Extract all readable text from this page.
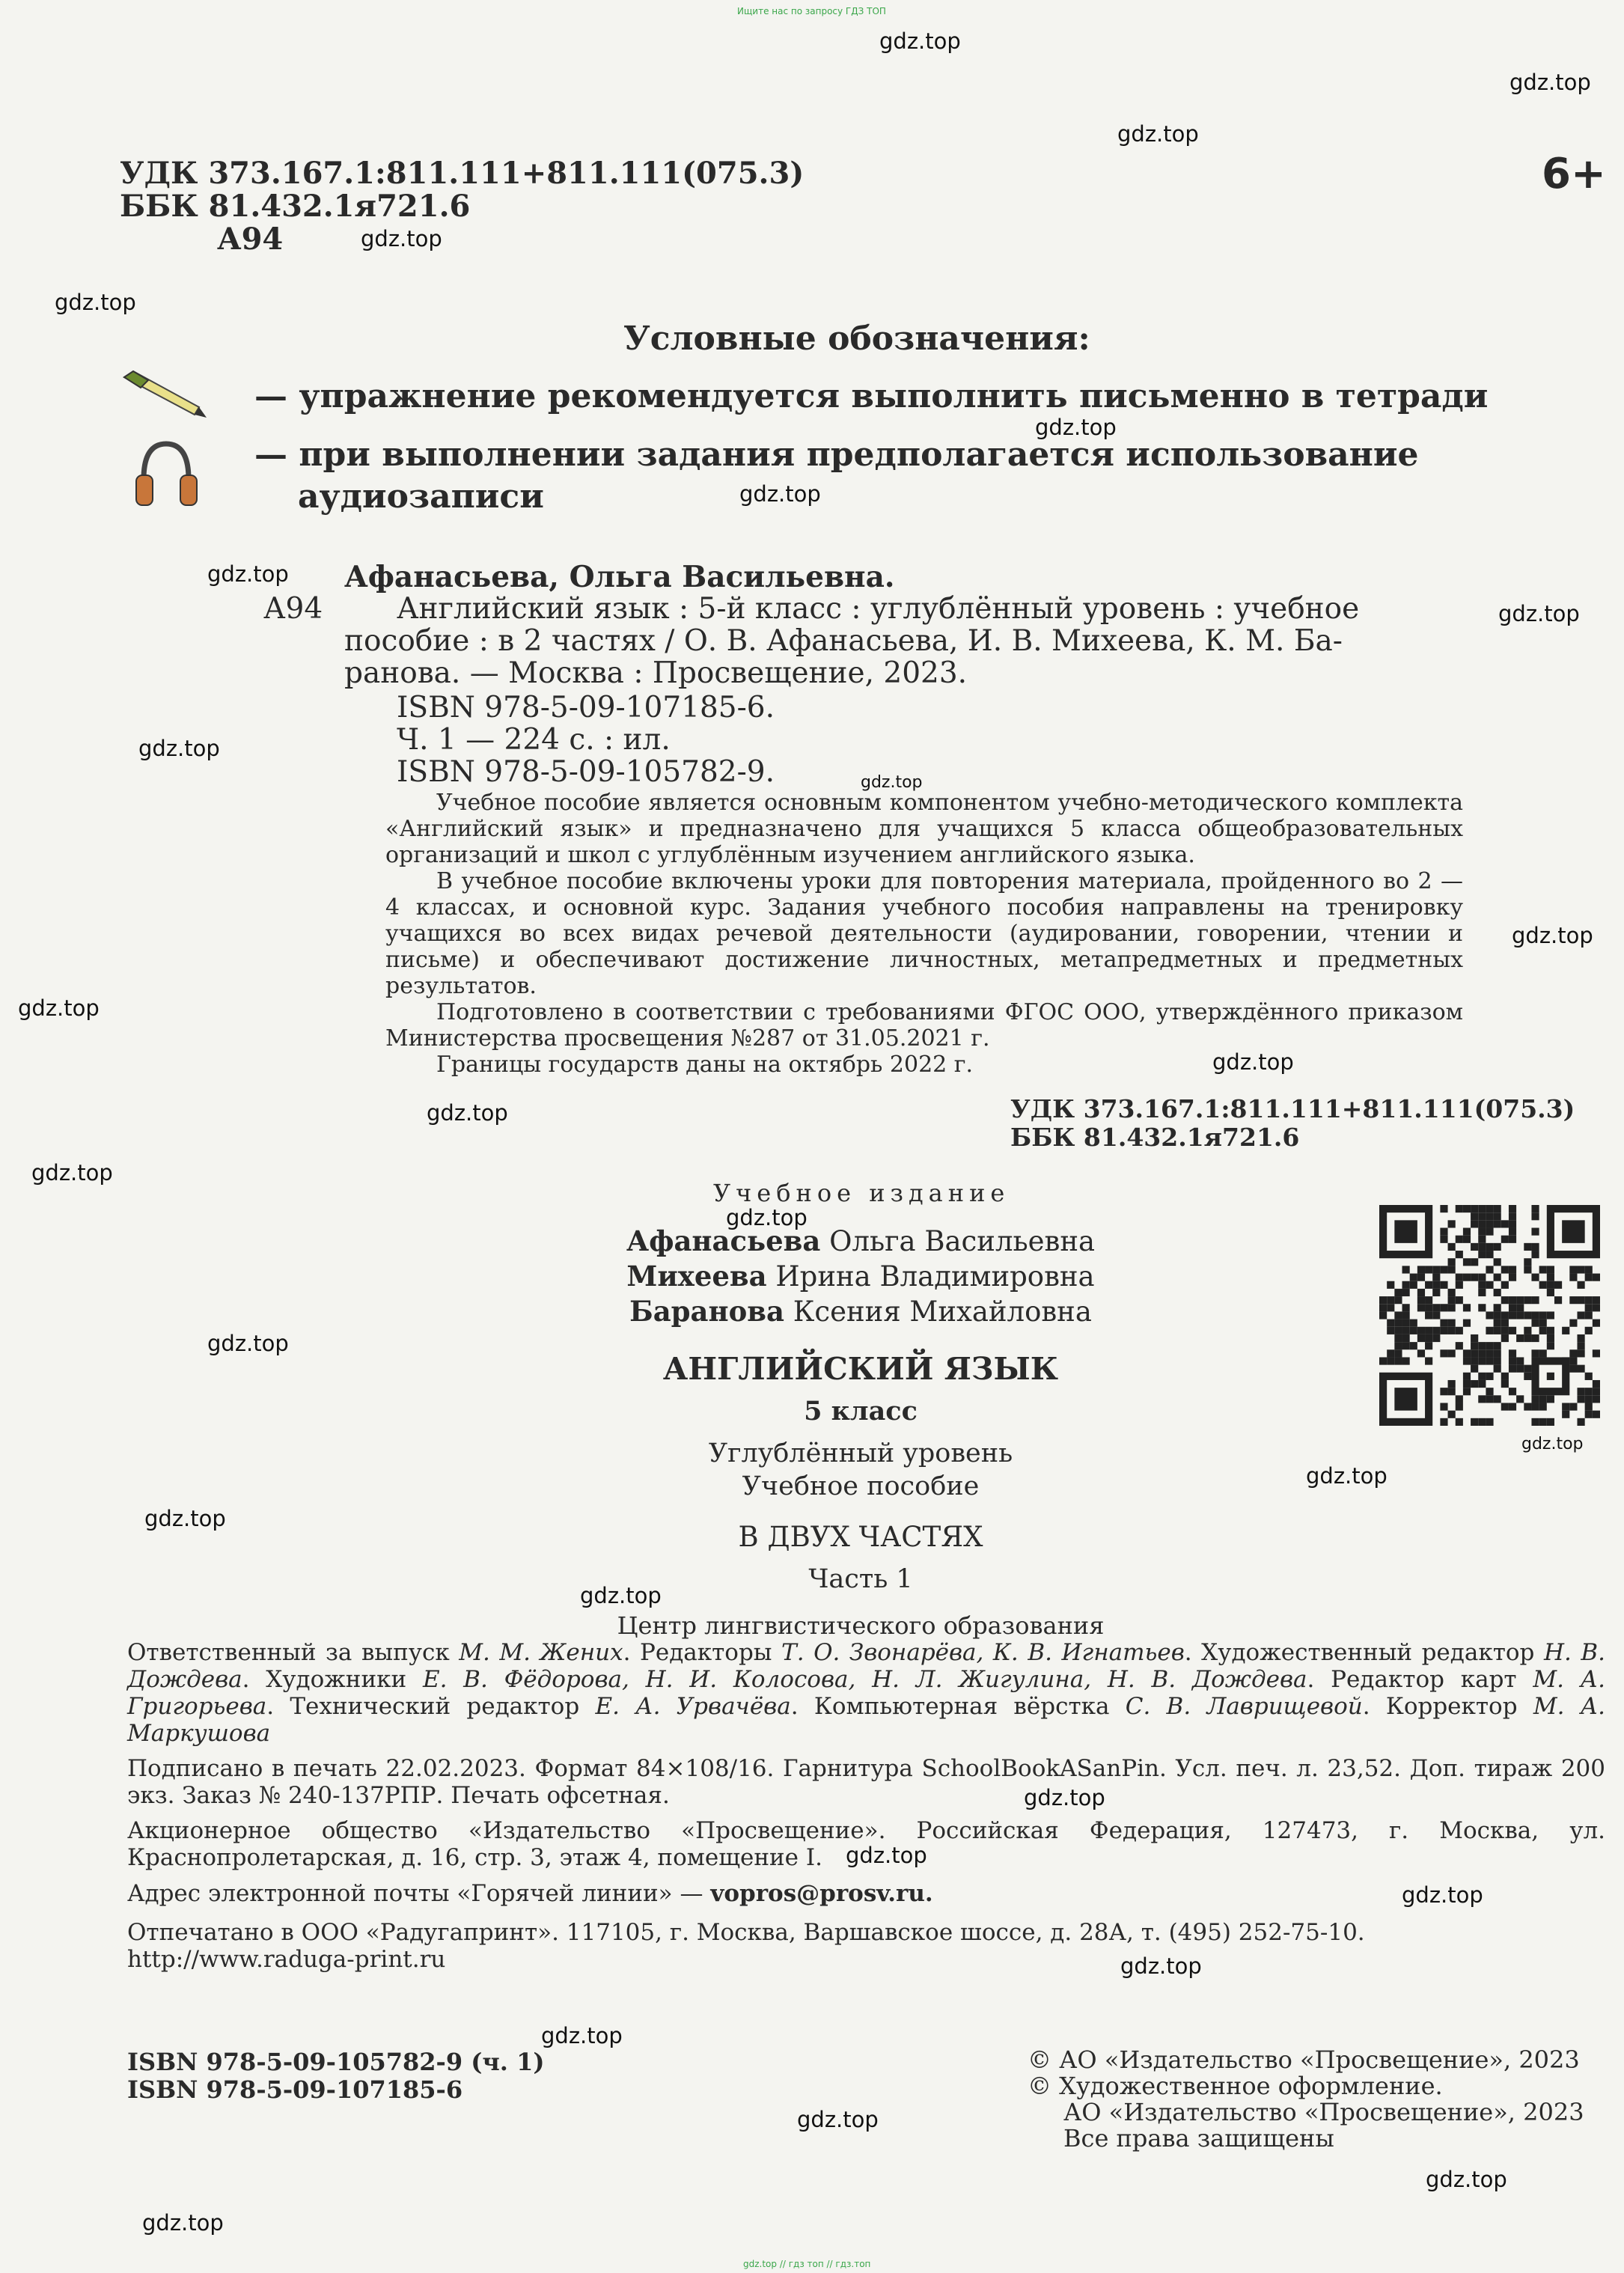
Ищите нас по запросу ГДЗ ТОП
gdz.top
gdz.top
gdz.top
gdz.top
gdz.top
gdz.top
gdz.top
gdz.top
gdz.top
gdz.top
gdz.top
gdz.top
gdz.top
gdz.top
gdz.top
gdz.top
gdz.top
gdz.top
gdz.top
gdz.top
gdz.top
gdz.top
gdz.top
gdz.top
gdz.top
gdz.top
gdz.top
gdz.top
gdz.top
gdz.top
УДК 373.167.1:811.111+811.111(075.3)
ББК 81.432.1я721.6
А94
6+
Условные обозначения:
— упражнение рекомендуется выполнить письменно в тетради
— при выполнении задания предполагается использование
аудиозаписи
Афанасьева, Ольга Васильевна.
А94	Английский язык : 5-й класс : углублённый уровень : учебное
пособие : в 2 частях / О. В. Афанасьева, И. В. Михеева, К. М. Ба-
ранова. — Москва : Просвещение, 2023.
ISBN 978-5-09-107185-6.
Ч. 1 — 224 с. : ил.
ISBN 978-5-09-105782-9.

Учебное пособие является основным компонентом учебно-методического комплекта «Английский язык» и предназначено для учащихся 5 класса общеобразовательных организаций и школ с углублённым изучением английского языка.

В учебное пособие включены уроки для повторения материала, пройденного во 2 — 4 классах, и основной курс. Задания учебного пособия направлены на тренировку учащихся во всех видах речевой деятельности (аудировании, говорении, чтении и письме) и обеспечивают достижение личностных, метапредметных и предметных результатов.

Подготовлено в соответствии с требованиями ФГОС ООО, утверждённого приказом Министерства просвещения №287 от 31.05.2021 г.

Границы государств даны на октябрь 2022 г.

УДК 373.167.1:811.111+811.111(075.3)
ББК 81.432.1я721.6
Учебное издание
Афанасьева Ольга Васильевна
Михеева Ирина Владимировна
Баранова Ксения Михайловна
АНГЛИЙСКИЙ ЯЗЫК
5 класс
Углублённый уровень
Учебное пособие
В ДВУХ ЧАСТЯХ
Часть 1
Центр лингвистического образования
Ответственный за выпуск М. М. Жених. Редакторы Т. О. Звонарёва, К. В. Игнатьев. Художественный редактор Н. В. Дождева. Художники Е. В. Фёдорова, Н. И. Колосова, Н. Л. Жигулина, Н. В. Дождева. Редактор карт М. А. Григорьева. Технический редактор Е. А. Урвачёва. Компьютерная вёрстка С. В. Лаврищевой. Корректор М. А. Маркушова
Подписано в печать 22.02.2023. Формат 84×108/16. Гарнитура SchoolBookASanPin. Усл. печ. л. 23,52. Доп. тираж 200 экз. Заказ № 240-137РПР. Печать офсетная.
Акционерное общество «Издательство «Просвещение». Российская Федерация, 127473, г. Москва, ул. Краснопролетарская, д. 16, стр. 3, этаж 4, помещение I.
Адрес электронной почты «Горячей линии» — vopros@prosv.ru.
Отпечатано в ООО «Радугапринт». 117105, г. Москва, Варшавское шоссе, д. 28А, т. (495) 252-75-10.
http://www.raduga-print.ru
ISBN 978-5-09-105782-9 (ч. 1)
ISBN 978-5-09-107185-6
© АО «Издательство «Просвещение», 2023
© Художественное оформление.
АО «Издательство «Просвещение», 2023
Все права защищены
gdz.top // гдз топ // гдз.топ
